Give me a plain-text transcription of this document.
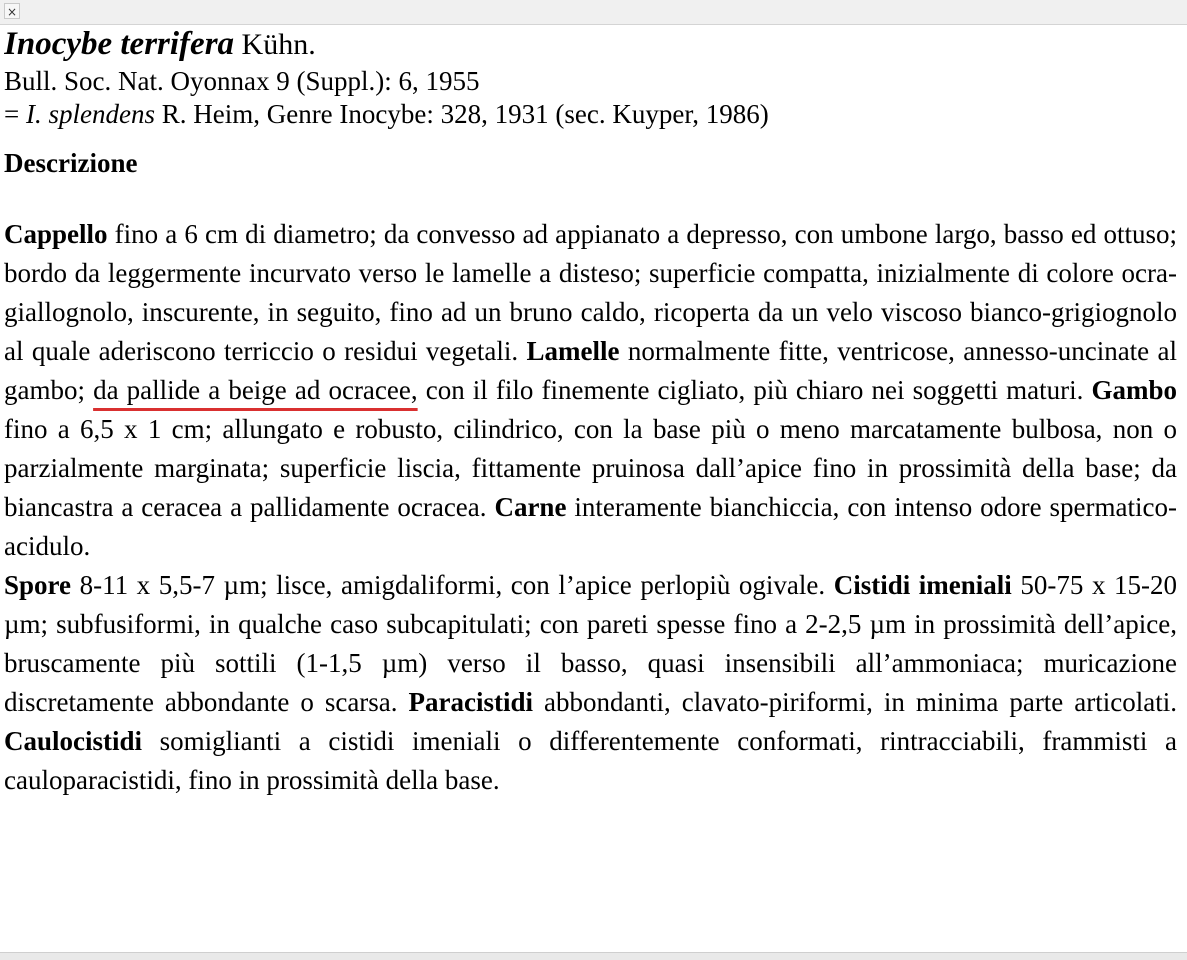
×

Inocybe terrifera Kühn.

Bull. Soc. Nat. Oyonnax 9 (Suppl.): 6, 1955

= I. splendens R. Heim, Genre Inocybe: 328, 1931 (sec. Kuyper, 1986)

Descrizione

Cappello fino a 6 cm di diametro; da convesso ad appianato a depresso, con umbone largo, basso ed ottuso; bordo da leggermente incurvato verso le lamelle a disteso; superficie compatta, inizialmente di colore ocra-giallognolo, inscurente, in seguito, fino ad un bruno caldo, ricoperta da un velo viscoso bianco-grigiognolo al quale aderiscono terriccio o residui vegetali. Lamelle normalmente fitte, ventricose, annesso-uncinate al gambo; da pallide a beige ad ocracee, con il filo finemente cigliato, più chiaro nei soggetti maturi. Gambo fino a 6,5 x 1 cm; allungato e robusto, cilindrico, con la base più o meno marcatamente bulbosa, non o parzialmente marginata; superficie liscia, fittamente pruinosa dall’apice fino in prossimità della base; da biancastra a ceracea a pallidamente ocracea. Carne interamente bianchiccia, con intenso odore spermatico-acidulo.

Spore 8-11 x 5,5-7 µm; lisce, amigdaliformi, con l’apice perlopiù ogivale. Cistidi imeniali 50-75 x 15-20 µm; subfusiformi, in qualche caso subcapitulati; con pareti spesse fino a 2-2,5 µm in prossimità dell’apice, bruscamente più sottili (1-1,5 µm) verso il basso, quasi insensibili all’ammoniaca; muricazione discretamente abbondante o scarsa. Paracistidi abbondanti, clavato-piriformi, in minima parte articolati. Caulocistidi somiglianti a cistidi imeniali o differentemente conformati, rintracciabili, frammisti a cauloparacistidi, fino in prossimità della base.
